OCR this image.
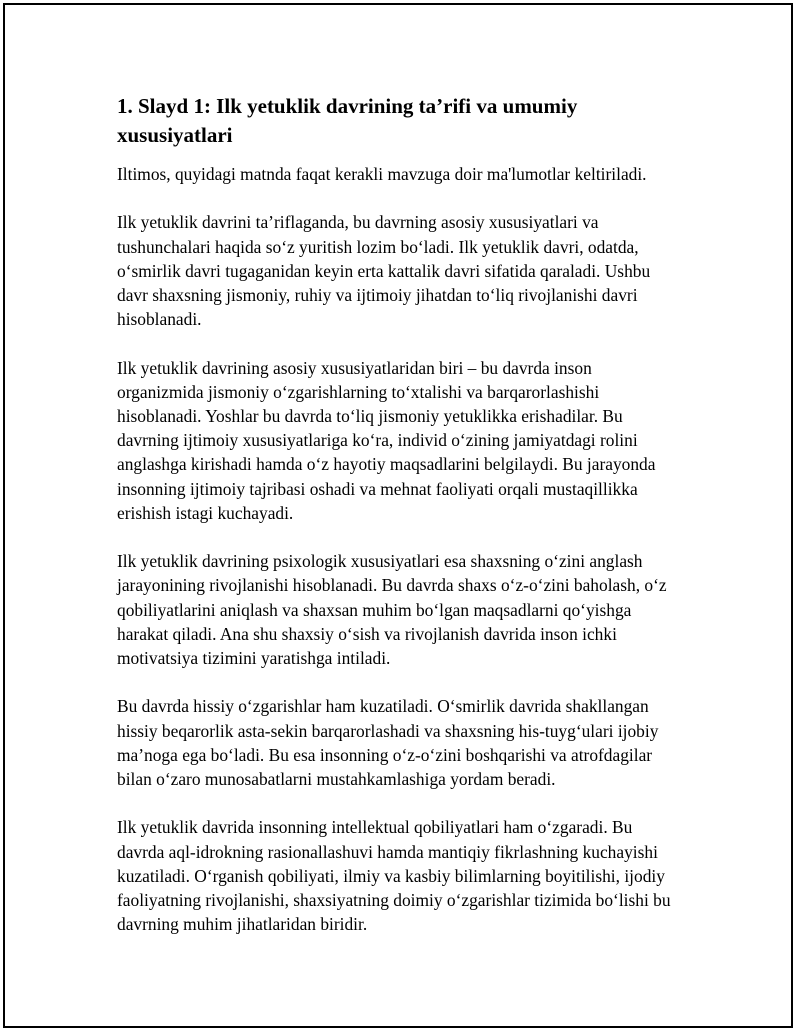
1. Slayd 1: Ilk yetuklik davrining ta’rifi va umumiy xususiyatlari

Iltimos, quyidagi matnda faqat kerakli mavzuga doir ma'lumotlar keltiriladi.

Ilk yetuklik davrini ta’riflaganda, bu davrning asosiy xususiyatlari va tushunchalari haqida so‘z yuritish lozim bo‘ladi. Ilk yetuklik davri, odatda, o‘smirlik davri tugaganidan keyin erta kattalik davri sifatida qaraladi. Ushbu davr shaxsning jismoniy, ruhiy va ijtimoiy jihatdan to‘liq rivojlanishi davri hisoblanadi.

Ilk yetuklik davrining asosiy xususiyatlaridan biri – bu davrda inson organizmida jismoniy o‘zgarishlarning to‘xtalishi va barqarorlashishi hisoblanadi. Yoshlar bu davrda to‘liq jismoniy yetuklikka erishadilar. Bu davrning ijtimoiy xususiyatlariga ko‘ra, individ o‘zining jamiyatdagi rolini anglashga kirishadi hamda o‘z hayotiy maqsadlarini belgilaydi. Bu jarayonda insonning ijtimoiy tajribasi oshadi va mehnat faoliyati orqali mustaqillikka erishish istagi kuchayadi.

Ilk yetuklik davrining psixologik xususiyatlari esa shaxsning o‘zini anglash jarayonining rivojlanishi hisoblanadi. Bu davrda shaxs o‘z-o‘zini baholash, o‘z qobiliyatlarini aniqlash va shaxsan muhim bo‘lgan maqsadlarni qo‘yishga harakat qiladi. Ana shu shaxsiy o‘sish va rivojlanish davrida inson ichki motivatsiya tizimini yaratishga intiladi.

Bu davrda hissiy o‘zgarishlar ham kuzatiladi. O‘smirlik davrida shakllangan hissiy beqarorlik asta-sekin barqarorlashadi va shaxsning his-tuyg‘ulari ijobiy ma’noga ega bo‘ladi. Bu esa insonning o‘z-o‘zini boshqarishi va atrofdagilar bilan o‘zaro munosabatlarni mustahkamlashiga yordam beradi.

Ilk yetuklik davrida insonning intellektual qobiliyatlari ham o‘zgaradi. Bu davrda aql-idrokning rasionallashuvi hamda mantiqiy fikrlashning kuchayishi kuzatiladi. O‘rganish qobiliyati, ilmiy va kasbiy bilimlarning boyitilishi, ijodiy faoliyatning rivojlanishi, shaxsiyatning doimiy o‘zgarishlar tizimida bo‘lishi bu davrning muhim jihatlaridan biridir.
